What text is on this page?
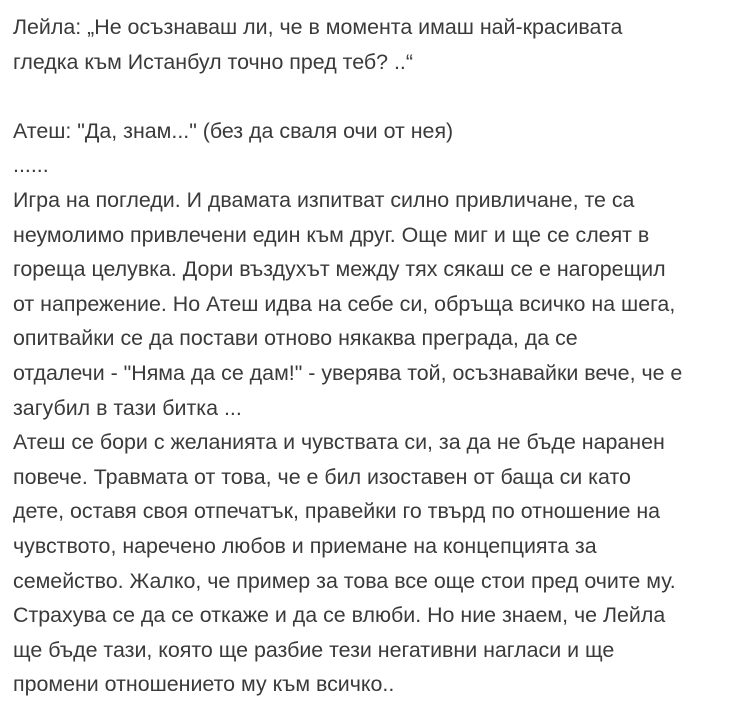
Лейла: „Не осъзнаваш ли, че в момента имаш най-красивата
гледка към Истанбул точно пред теб? ..“
Атеш: "Да, знам..." (без да сваля очи от нея)
......
Игра на погледи. И двамата изпитват силно привличане, те са
неумолимо привлечени един към друг. Още миг и ще се слеят в
гореща целувка. Дори въздухът между тях сякаш се е нагорещил
от напрежение. Но Атеш идва на себе си, обръща всичко на шега,
опитвайки се да постави отново някаква преграда, да се
отдалечи - "Няма да се дам!" - уверява той, осъзнавайки вече, че е
загубил в тази битка ...
Атеш се бори с желанията и чувствата си, за да не бъде наранен
повече. Травмата от това, че е бил изоставен от баща си като
дете, оставя своя отпечатък, правейки го твърд по отношение на
чувството, наречено любов и приемане на концепцията за
семейство. Жалко, че пример за това все още стои пред очите му.
Страхува се да се откаже и да се влюби. Но ние знаем, че Лейла
ще бъде тази, която ще разбие тези негативни нагласи и ще
промени отношението му към всичко..
